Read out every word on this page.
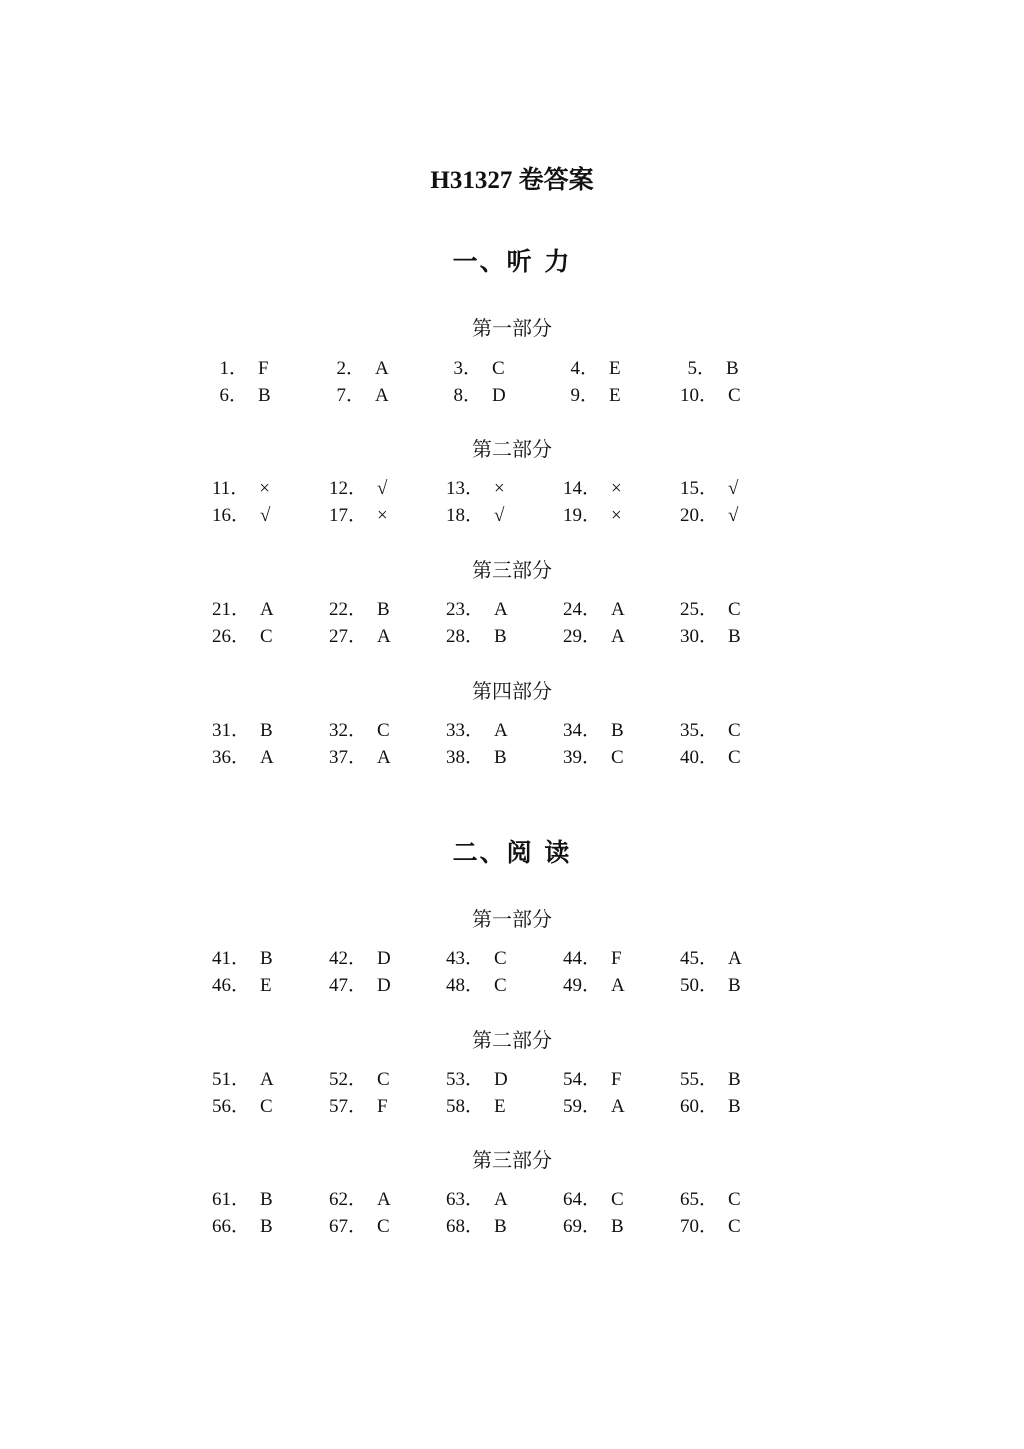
H31327 卷答案
一、听 力
第一部分
1． F	2． A	3． C	4． E	5． B
6． B	7． A	8． D	9． E	10． C
第二部分
11． ×	12． √	13． ×	14． ×	15． √
16． √	17． ×	18． √	19． ×	20． √
第三部分
21． A	22． B	23． A	24． A	25． C
26． C	27． A	28． B	29． A	30． B
第四部分
31． B	32． C	33． A	34． B	35． C
36． A	37． A	38． B	39． C	40． C
二、阅 读
第一部分
41． B	42． D	43． C	44． F	45． A
46． E	47． D	48． C	49． A	50． B
第二部分
51． A	52． C	53． D	54． F	55． B
56． C	57． F	58． E	59． A	60． B
第三部分
61． B	62． A	63． A	64． C	65． C
66． B	67． C	68． B	69． B	70． C
